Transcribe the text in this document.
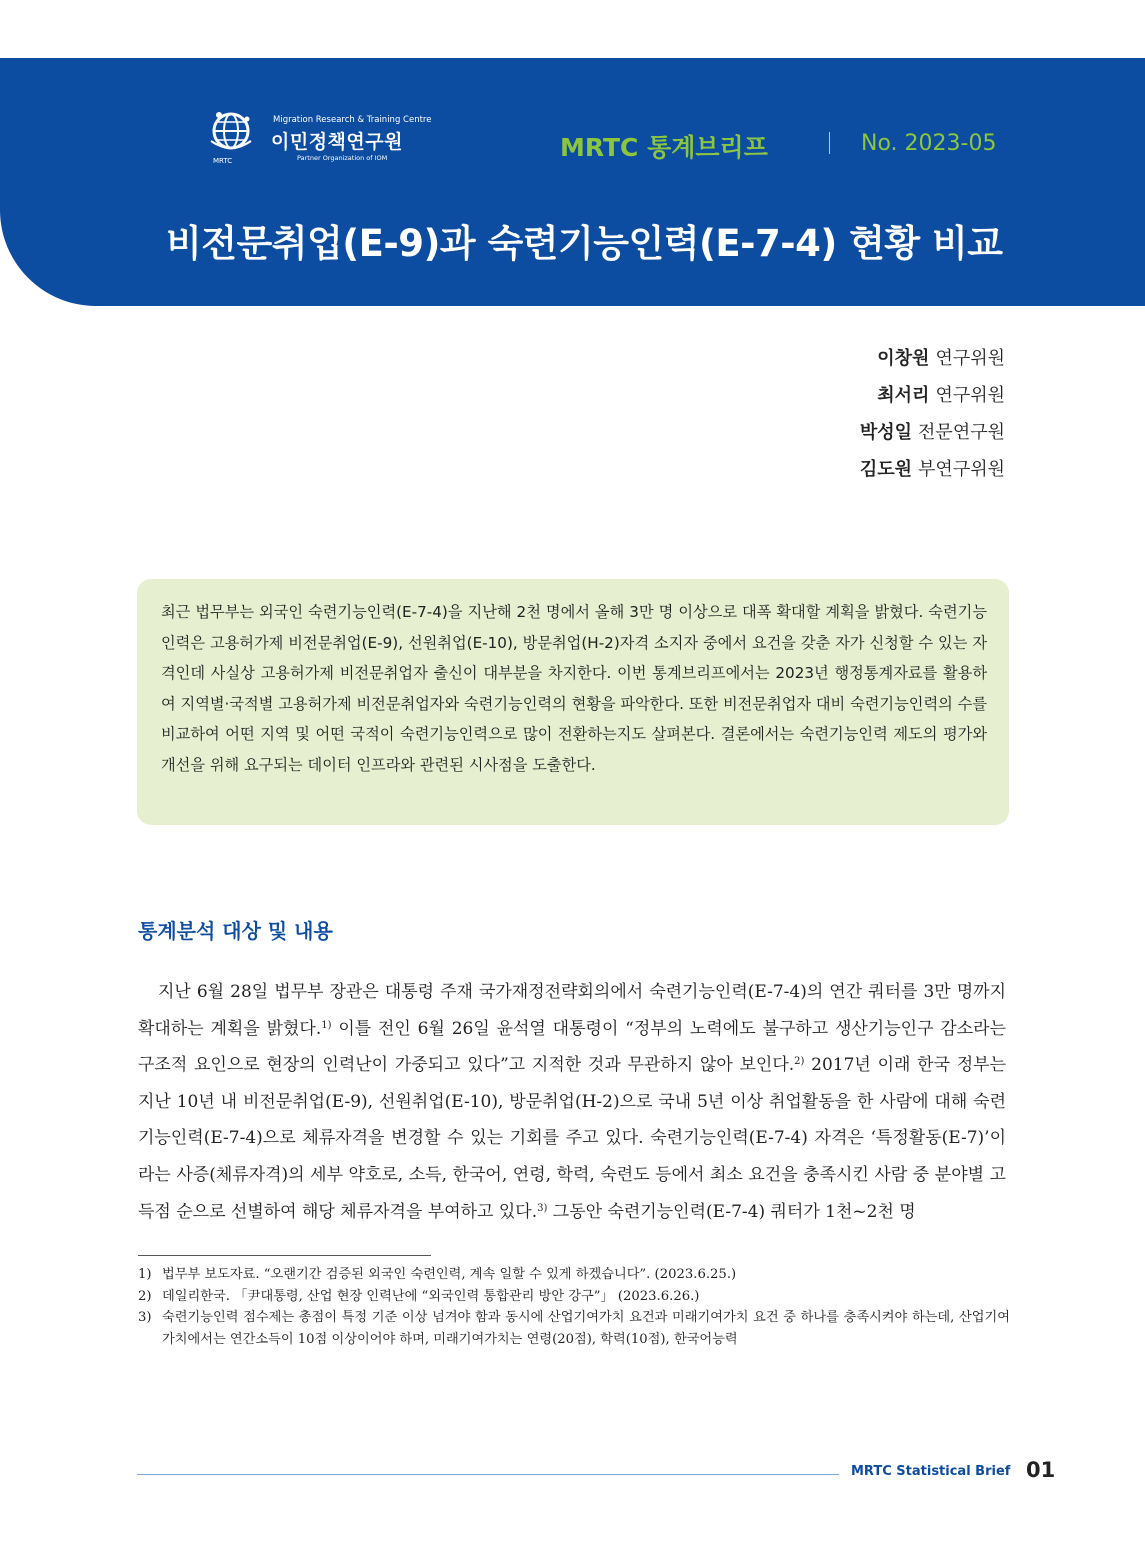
Migration Research & Training Centre
이민정책연구원
Partner Organization of IOM
MRTC	MRTC 통계브리프	No. 2023-05
비전문취업(E-9)과 숙련기능인력(E-7-4) 현황 비교
이창원 연구위원
최서리 연구위원
박성일 전문연구원
김도원 부연구위원

최근 법무부는 외국인 숙련기능인력(E-7-4)을 지난해 2천 명에서 올해 3만 명 이상으로 대폭 확대할 계획을 밝혔다. 숙련기능인력은 고용허가제 비전문취업(E-9), 선원취업(E-10), 방문취업(H-2)자격 소지자 중에서 요건을 갖춘 자가 신청할 수 있는 자격인데 사실상 고용허가제 비전문취업자 출신이 대부분을 차지한다. 이번 통계브리프에서는 2023년 행정통계자료를 활용하여 지역별·국적별 고용허가제 비전문취업자와 숙련기능인력의 현황을 파악한다. 또한 비전문취업자 대비 숙련기능인력의 수를 비교하여 어떤 지역 및 어떤 국적이 숙련기능인력으로 많이 전환하는지도 살펴본다. 결론에서는 숙련기능인력 제도의 평가와 개선을 위해 요구되는 데이터 인프라와 관련된 시사점을 도출한다.

통계분석 대상 및 내용

지난 6월 28일 법무부 장관은 대통령 주재 국가재정전략회의에서 숙련기능인력(E-7-4)의 연간 쿼터를 3만 명까지 확대하는 계획을 밝혔다.$^{1)}$ 이틀 전인 6월 26일 윤석열 대통령이 “정부의 노력에도 불구하고 생산기능인구 감소라는 구조적 요인으로 현장의 인력난이 가중되고 있다”고 지적한 것과 무관하지 않아 보인다.$^{2)}$ 2017년 이래 한국 정부는 지난 10년 내 비전문취업(E-9), 선원취업(E-10), 방문취업(H-2)으로 국내 5년 이상 취업활동을 한 사람에 대해 숙련기능인력(E-7-4)으로 체류자격을 변경할 수 있는 기회를 주고 있다. 숙련기능인력(E-7-4) 자격은 ‘특정활동(E-7)’이라는 사증(체류자격)의 세부 약호로, 소득, 한국어, 연령, 학력, 숙련도 등에서 최소 요건을 충족시킨 사람 중 분야별 고득점 순으로 선별하여 해당 체류자격을 부여하고 있다.$^{3)}$ 그동안 숙련기능인력(E-7-4) 쿼터가 1천~2천 명

1) 법무부 보도자료. “오랜기간 검증된 외국인 숙련인력, 계속 일할 수 있게 하겠습니다”. (2023.6.25.)
2) 데일리한국. 「尹대통령, 산업 현장 인력난에 “외국인력 통합관리 방안 강구”」 (2023.6.26.)
3) 숙련기능인력 점수제는 총점이 특정 기준 이상 넘겨야 함과 동시에 산업기여가치 요건과 미래기여가치 요건 중 하나를 충족시켜야 하는데, 산업기여가치에서는 연간소득이 10점 이상이어야 하며, 미래기여가치는 연령(20점), 학력(10점), 한국어능력
MRTC Statistical Brief 01
